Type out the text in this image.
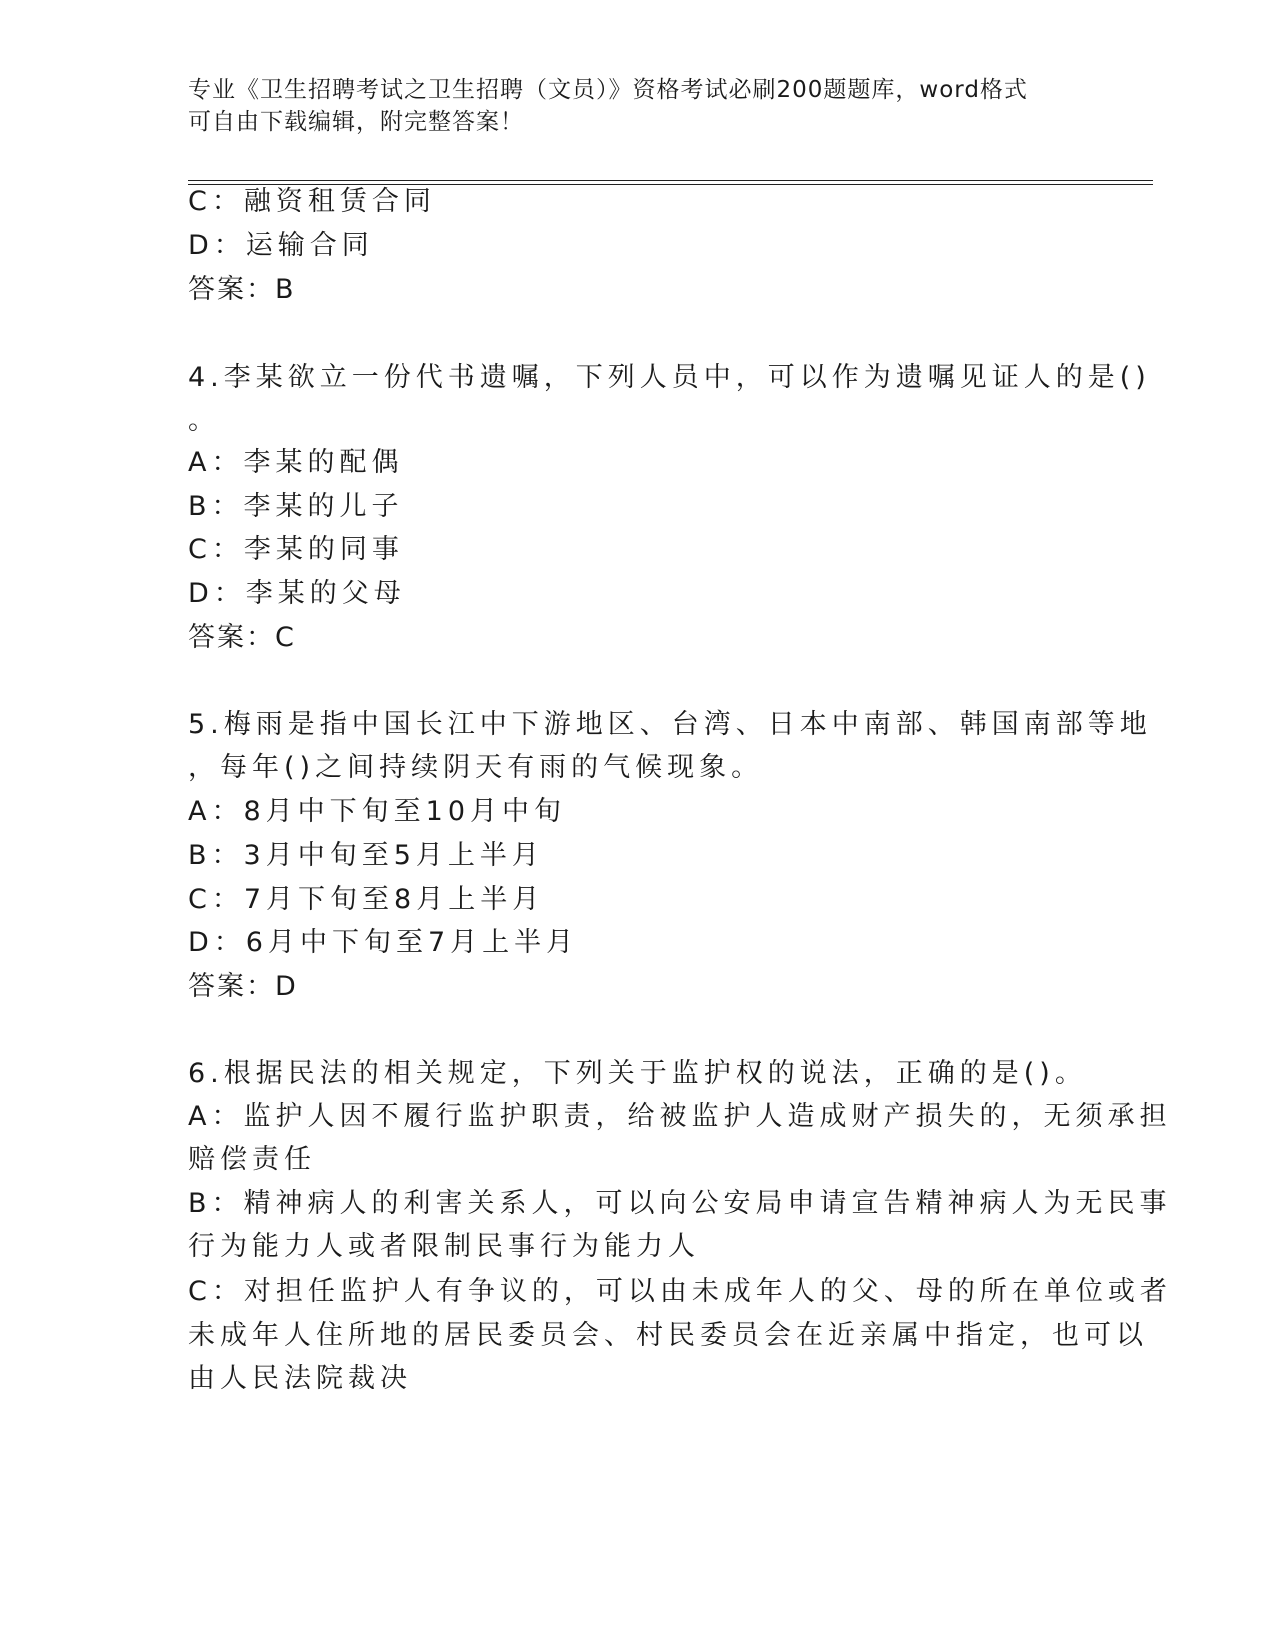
专业《卫生招聘考试之卫生招聘（文员）》资格考试必刷200题题库，word格式
可自由下载编辑，附完整答案！
C：融资租赁合同
D：运输合同
答案：B
4.李某欲立一份代书遗嘱，下列人员中，可以作为遗嘱见证人的是()
。
A：李某的配偶
B：李某的儿子
C：李某的同事
D：李某的父母
答案：C
5.梅雨是指中国长江中下游地区、台湾、日本中南部、韩国南部等地
，每年()之间持续阴天有雨的气候现象。
A：8月中下旬至10月中旬
B：3月中旬至5月上半月
C：7月下旬至8月上半月
D：6月中下旬至7月上半月
答案：D
6.根据民法的相关规定，下列关于监护权的说法，正确的是()。
A：监护人因不履行监护职责，给被监护人造成财产损失的，无须承担
赔偿责任
B：精神病人的利害关系人，可以向公安局申请宣告精神病人为无民事
行为能力人或者限制民事行为能力人
C：对担任监护人有争议的，可以由未成年人的父、母的所在单位或者
未成年人住所地的居民委员会、村民委员会在近亲属中指定，也可以
由人民法院裁决
